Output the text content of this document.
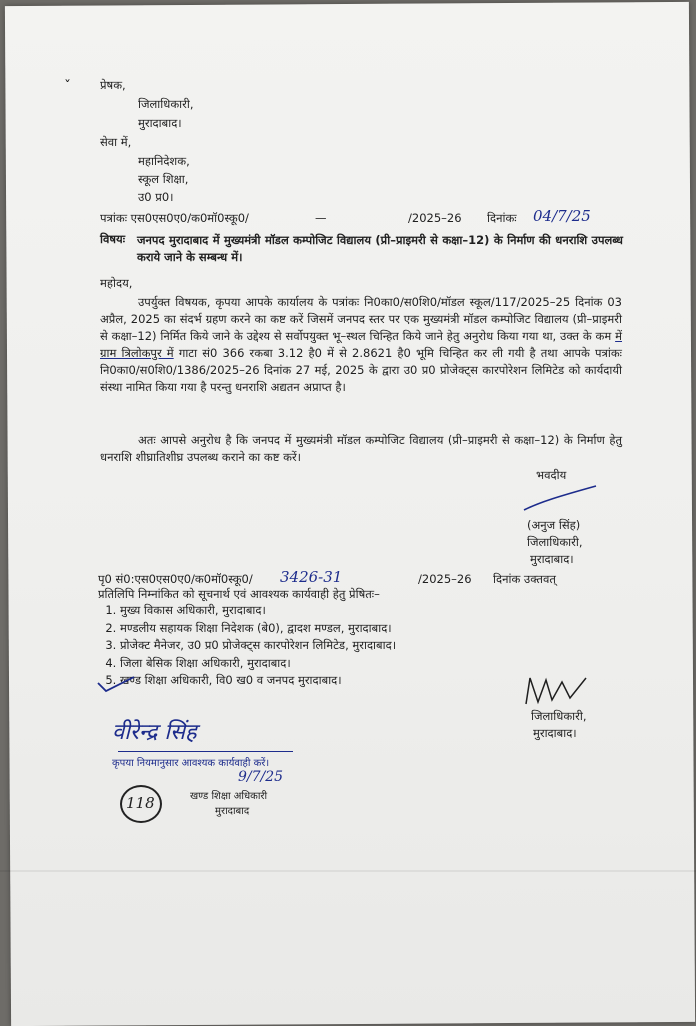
ˇ	प्रेषक,
जिलाधिकारी,
मुरादाबाद।
सेवा में,
महानिदेशक,
स्कूल शिक्षा,
उ0 प्र0।
पत्रांकः एस0एस0ए0/क0मॉ0स्कू0/	—	/2025–26 दिनांकः 04/7/25
विषयः जनपद मुरादाबाद में मुख्यमंत्री मॉडल कम्पोजिट विद्यालय (प्री–प्राइमरी से कक्षा–12) के निर्माण की धनराशि उपलब्ध कराये जाने के सम्बन्ध में।
महोदय,
उपर्युक्त विषयक, कृपया आपके कार्यालय के पत्रांकः नि0का0/स0शि0/मॉडल स्कूल/117/2025–25 दिनांक 03 अप्रैल, 2025 का संदर्भ ग्रहण करने का कष्ट करें जिसमें जनपद स्तर पर एक मुख्यमंत्री मॉडल कम्पोजिट विद्यालय (प्री–प्राइमरी से कक्षा–12) निर्मित किये जाने के उद्देश्य से सर्वोपयुक्त भू–स्थल चिन्हित किये जाने हेतु अनुरोध किया गया था, उक्त के कम में ग्राम त्रिलोकपुर में गाटा सं0 366 रकबा 3.12 है0 में से 2.8621 है0 भूमि चिन्हित कर ली गयी है तथा आपके पत्रांकः नि0का0/स0शि0/1386/2025–26 दिनांक 27 मई, 2025 के द्वारा उ0 प्र0 प्रोजेक्ट्स कारपोरेशन लिमिटेड को कार्यदायी संस्था नामित किया गया है परन्तु धनराशि अद्यतन अप्राप्त है।
अतः आपसे अनुरोध है कि जनपद में मुख्यमंत्री मॉडल कम्पोजिट विद्यालय (प्री–प्राइमरी से कक्षा–12) के निर्माण हेतु धनराशि शीघ्रातिशीघ्र उपलब्ध कराने का कष्ट करें।
भवदीय
(अनुज सिंह)
जिलाधिकारी,
मुरादाबाद।
पृ0 सं0:एस0एस0ए0/क0मॉ0स्कू0/ 3426-31	/2025–26 दिनांक उक्तवत्
प्रतिलिपि निम्नांकित को सूचनार्थ एवं आवश्यक कार्यवाही हेतु प्रेषितः–
1. मुख्य विकास अधिकारी, मुरादाबाद।
2. मण्डलीय सहायक शिक्षा निदेशक (बे0), द्वादश मण्डल, मुरादाबाद।
3. प्रोजेक्ट मैनेजर, उ0 प्र0 प्रोजेक्ट्स कारपोरेशन लिमिटेड, मुरादाबाद।
4. जिला बेसिक शिक्षा अधिकारी, मुरादाबाद।
5. खण्ड शिक्षा अधिकारी, वि0 ख0 व जनपद मुरादाबाद।
जिलाधिकारी,
मुरादाबाद।
वीरेन्द्र सिंह
कृपया नियमानुसार आवश्यक कार्यवाही करें।
9/7/25
118	खण्ड शिक्षा अधिकारी
मुरादाबाद
